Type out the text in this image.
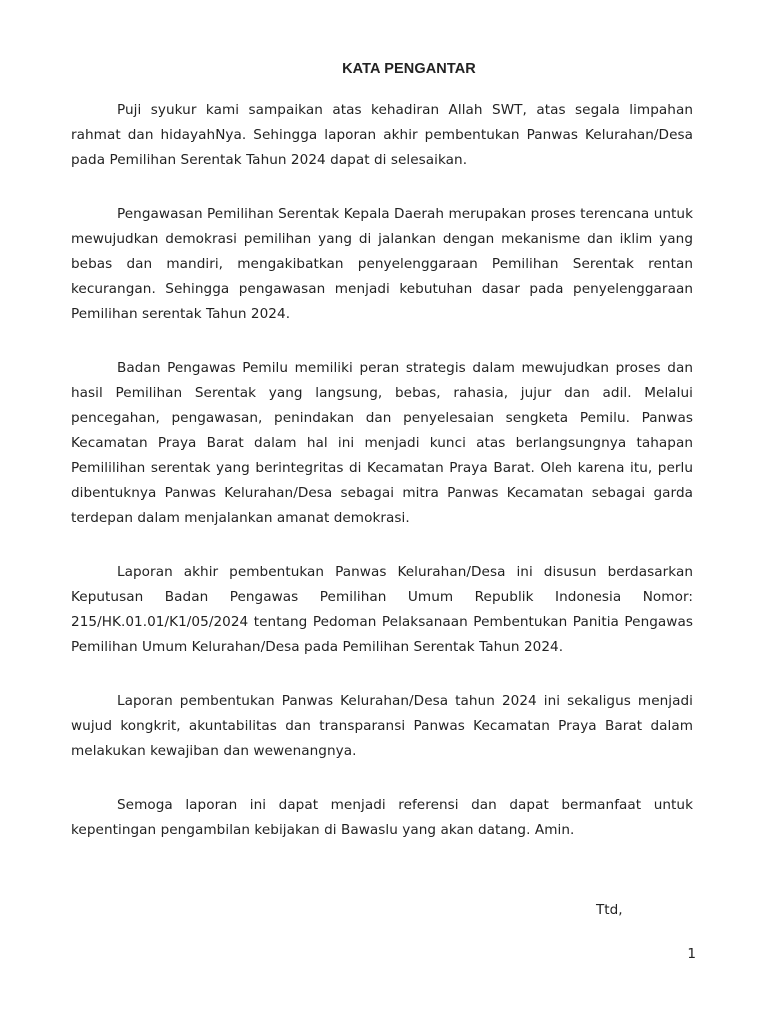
KATA PENGANTAR

Puji syukur kami sampaikan atas kehadiran Allah SWT, atas segala limpahan rahmat dan hidayahNya. Sehingga laporan akhir pembentukan Panwas Kelurahan/Desa pada Pemilihan Serentak Tahun 2024 dapat di selesaikan.

Pengawasan Pemilihan Serentak Kepala Daerah merupakan proses terencana untuk mewujudkan demokrasi pemilihan yang di jalankan dengan mekanisme dan iklim yang bebas dan mandiri, mengakibatkan penyelenggaraan Pemilihan Serentak rentan kecurangan. Sehingga pengawasan menjadi kebutuhan dasar pada penyelenggaraan Pemilihan serentak Tahun 2024.

Badan Pengawas Pemilu memiliki peran strategis dalam mewujudkan proses dan hasil Pemilihan Serentak yang langsung, bebas, rahasia, jujur dan adil. Melalui pencegahan, pengawasan, penindakan dan penyelesaian sengketa Pemilu. Panwas Kecamatan Praya Barat dalam hal ini menjadi kunci atas berlangsungnya tahapan Pemililihan serentak yang berintegritas di Kecamatan Praya Barat. Oleh karena itu, perlu dibentuknya Panwas Kelurahan/Desa sebagai mitra Panwas Kecamatan sebagai garda terdepan dalam menjalankan amanat demokrasi.

Laporan akhir pembentukan Panwas Kelurahan/Desa ini disusun berdasarkan Keputusan Badan Pengawas Pemilihan Umum Republik Indonesia Nomor: 215/HK.01.01/K1/05/2024 tentang Pedoman Pelaksanaan Pembentukan Panitia Pengawas Pemilihan Umum Kelurahan/Desa pada Pemilihan Serentak Tahun 2024.

Laporan pembentukan Panwas Kelurahan/Desa tahun 2024 ini sekaligus menjadi wujud kongkrit, akuntabilitas dan transparansi Panwas Kecamatan Praya Barat dalam melakukan kewajiban dan wewenangnya.

Semoga laporan ini dapat menjadi referensi dan dapat bermanfaat untuk kepentingan pengambilan kebijakan di Bawaslu yang akan datang. Amin.

Ttd,
1
